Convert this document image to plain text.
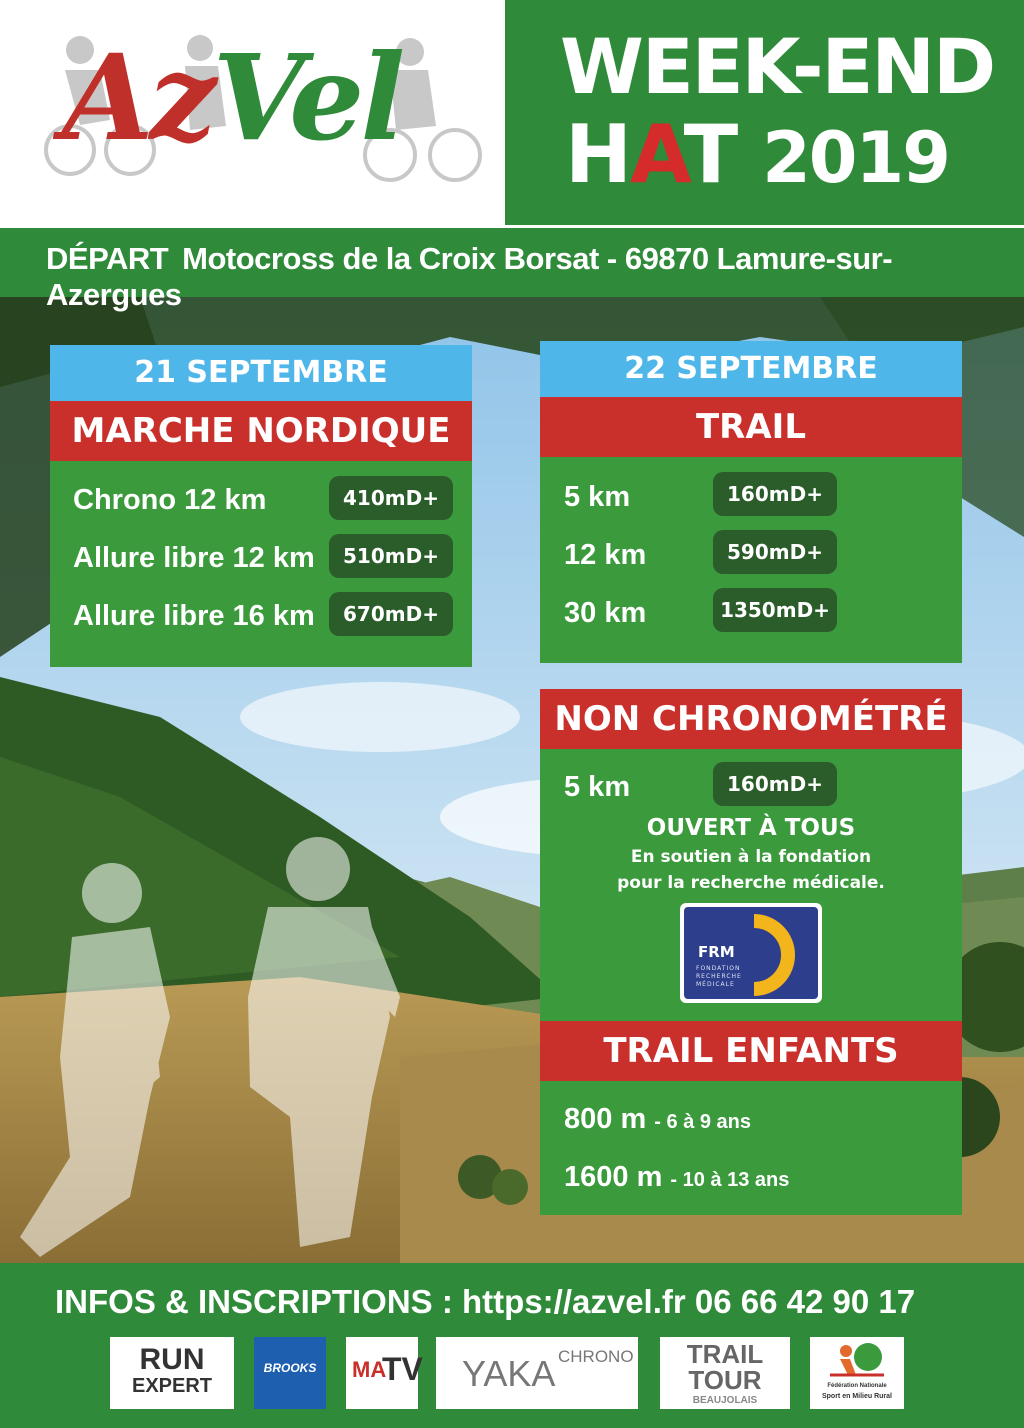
AzVel WEEK-END
HAT 2019
DÉPART Motocross de la Croix Borsat - 69870 Lamure-sur-Azergues
21 SEPTEMBRE
MARCHE NORDIQUE
Chrono 12 km	410mD+
Allure libre 12 km	510mD+
Allure libre 16 km	670mD+
22 SEPTEMBRE
TRAIL
5 km	160mD+
12 km	590mD+
30 km	1350mD+
NON CHRONOMÉTRÉ
5 km	160mD+
OUVERT À TOUS
En soutien à la fondation
pour la recherche médicale.
FRM
FONDATION
RECHERCHE
MÉDICALE
TRAIL ENFANTS
800 m - 6 à 9 ans
1600 m - 10 à 13 ans
INFOS & INSCRIPTIONS : https://azvel.fr 06 66 42 90 17
RUN
EXPERT
BROOKS	MA
TV YAKA CHRONO	TRAIL
TOUR
BEAUJOLAIS
Fédération Nationale
Sport en Milieu Rural
